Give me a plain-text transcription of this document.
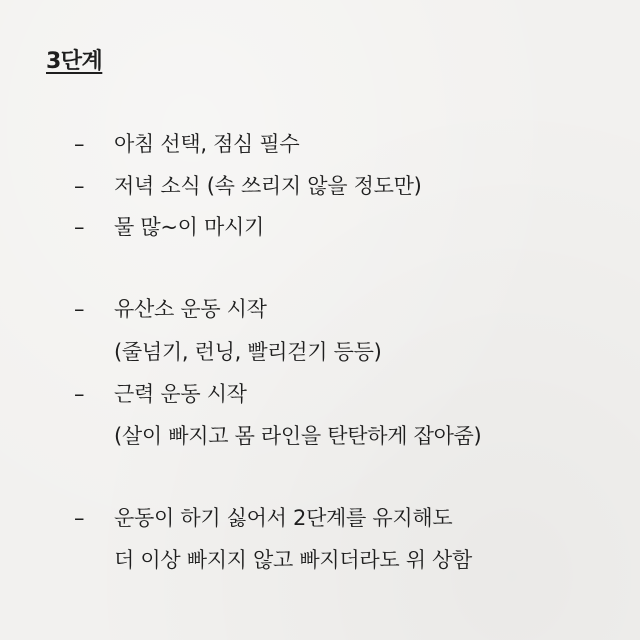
3단계
– 아침 선택, 점심 필수
– 저녁 소식 (속 쓰리지 않을 정도만)
– 물 많~이 마시기
– 유산소 운동 시작
(줄넘기, 런닝, 빨리걷기 등등)
– 근력 운동 시작
(살이 빠지고 몸 라인을 탄탄하게 잡아줌)
– 운동이 하기 싫어서 2단계를 유지해도
더 이상 빠지지 않고 빠지더라도 위 상함
